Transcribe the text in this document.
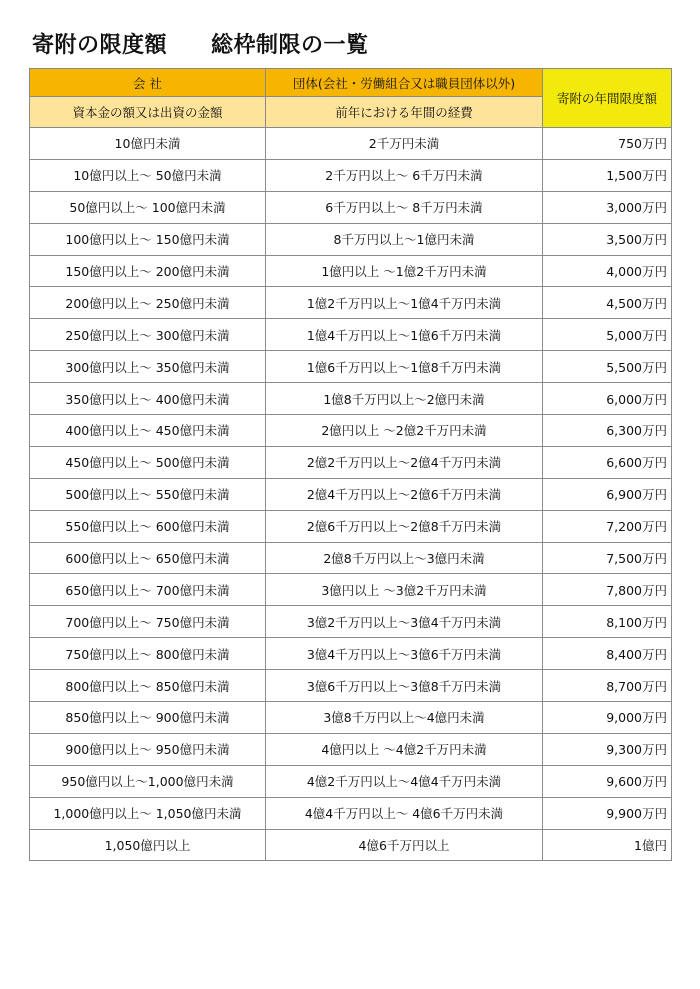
寄附の限度額 総枠制限の一覧
会 社	団体(会社・労働組合又は職員団体以外)	寄附の年間限度額
資本金の額又は出資の金額	前年における年間の経費	
10億円未満	2千万円未満	750万円
10億円以上～ 50億円未満	2千万円以上～ 6千万円未満	1,500万円
50億円以上～ 100億円未満	6千万円以上～ 8千万円未満	3,000万円
100億円以上～ 150億円未満	8千万円以上～1億円未満	3,500万円
150億円以上～ 200億円未満	1億円以上 ～1億2千万円未満	4,000万円
200億円以上～ 250億円未満	1億2千万円以上～1億4千万円未満	4,500万円
250億円以上～ 300億円未満	1億4千万円以上～1億6千万円未満	5,000万円
300億円以上～ 350億円未満	1億6千万円以上～1億8千万円未満	5,500万円
350億円以上～ 400億円未満	1億8千万円以上～2億円未満	6,000万円
400億円以上～ 450億円未満	2億円以上 ～2億2千万円未満	6,300万円
450億円以上～ 500億円未満	2億2千万円以上～2億4千万円未満	6,600万円
500億円以上～ 550億円未満	2億4千万円以上～2億6千万円未満	6,900万円
550億円以上～ 600億円未満	2億6千万円以上～2億8千万円未満	7,200万円
600億円以上～ 650億円未満	2億8千万円以上～3億円未満	7,500万円
650億円以上～ 700億円未満	3億円以上 ～3億2千万円未満	7,800万円
700億円以上～ 750億円未満	3億2千万円以上～3億4千万円未満	8,100万円
750億円以上～ 800億円未満	3億4千万円以上～3億6千万円未満	8,400万円
800億円以上～ 850億円未満	3億6千万円以上～3億8千万円未満	8,700万円
850億円以上～ 900億円未満	3億8千万円以上～4億円未満	9,000万円
900億円以上～ 950億円未満	4億円以上 ～4億2千万円未満	9,300万円
950億円以上～1,000億円未満	4億2千万円以上～4億4千万円未満	9,600万円
1,000億円以上～ 1,050億円未満	4億4千万円以上～ 4億6千万円未満	9,900万円
1,050億円以上	4億6千万円以上	1億円
